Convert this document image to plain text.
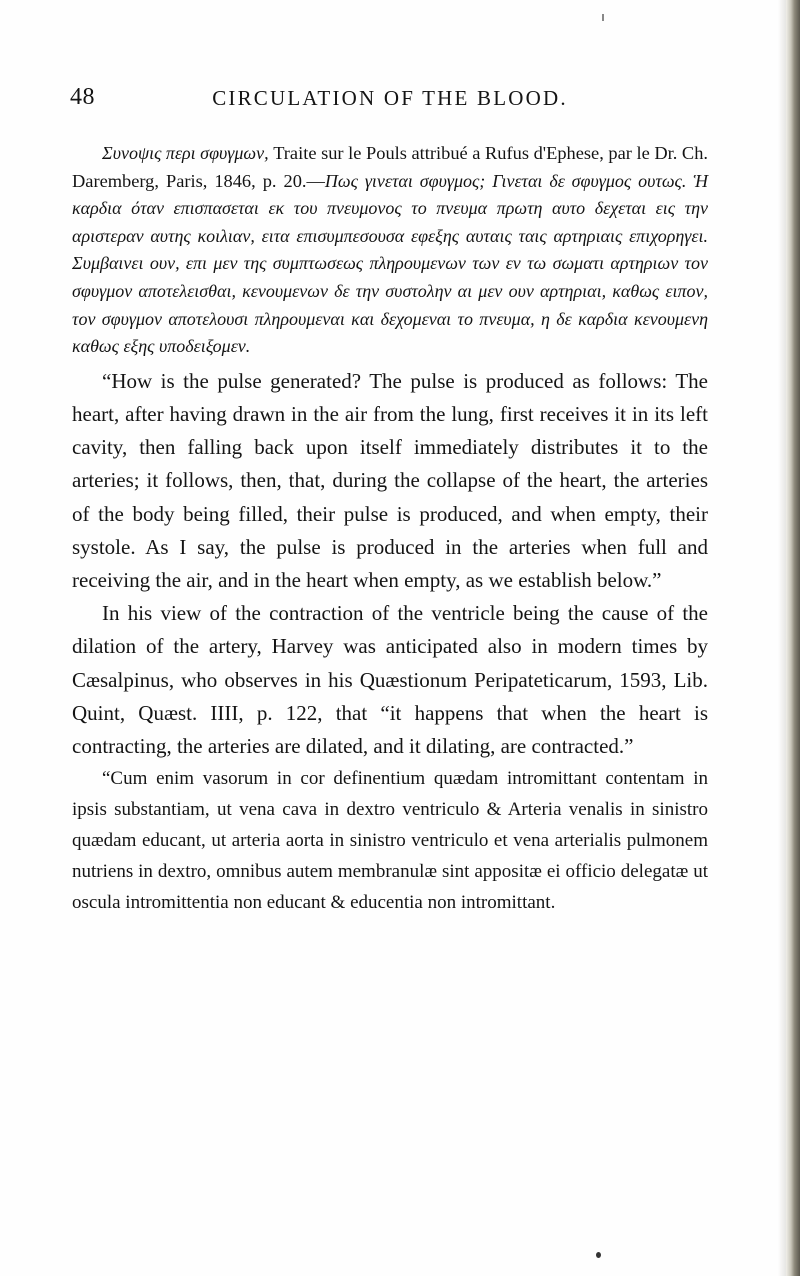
48	CIRCULATION OF THE BLOOD.

Συνοψις περι σφυγμων, Traite sur le Pouls attribué a Rufus d'Ephese, par le Dr. Ch. Daremberg, Paris, 1846, p. 20.—Πως γινεται σφυγμος; Γινεται δε σφυγμος ουτως. Ἡ καρδια όταν επισπασεται εκ του πνευμονος το πνευμα πρωτη αυτο δεχεται εις την αριστεραν αυτης κοιλιαν, ειτα επισυμπεσουσα εφεξης αυταις ταις αρτηριαις επιχορηγει. Συμβαινει ουν, επι μεν της συμπτωσεως πληρουμενων των εν τω σωματι αρτηριων τον σφυγμον αποτελεισθαι, κενουμενων δε την συστολην αι μεν ουν αρτηριαι, καθως ειπον, τον σφυγμον αποτελουσι πληρουμεναι και δεχομεναι το πνευμα, η δε καρδια κενουμενη καθως εξης υποδειξομεν.

“How is the pulse generated? The pulse is produced as follows: The heart, after having drawn in the air from the lung, first receives it in its left cavity, then falling back upon itself immediately distributes it to the arteries; it follows, then, that, during the collapse of the heart, the arteries of the body being filled, their pulse is produced, and when empty, their systole. As I say, the pulse is produced in the arteries when full and receiving the air, and in the heart when empty, as we establish below.”

In his view of the contraction of the ventricle being the cause of the dilation of the artery, Harvey was anticipated also in modern times by Cæsalpinus, who observes in his Quæstionum Peripateticarum, 1593, Lib. Quint, Quæst. IIII, p. 122, that “it happens that when the heart is contracting, the arteries are dilated, and it dilating, are contracted.”

“Cum enim vasorum in cor definentium quædam intromittant contentam in ipsis substantiam, ut vena cava in dextro ventriculo & Arteria venalis in sinistro quædam educant, ut arteria aorta in sinistro ventriculo et vena arterialis pulmonem nutriens in dextro, omnibus autem membranulæ sint appositæ ei officio delegatæ ut oscula intromittentia non educant & educentia non intromittant.
